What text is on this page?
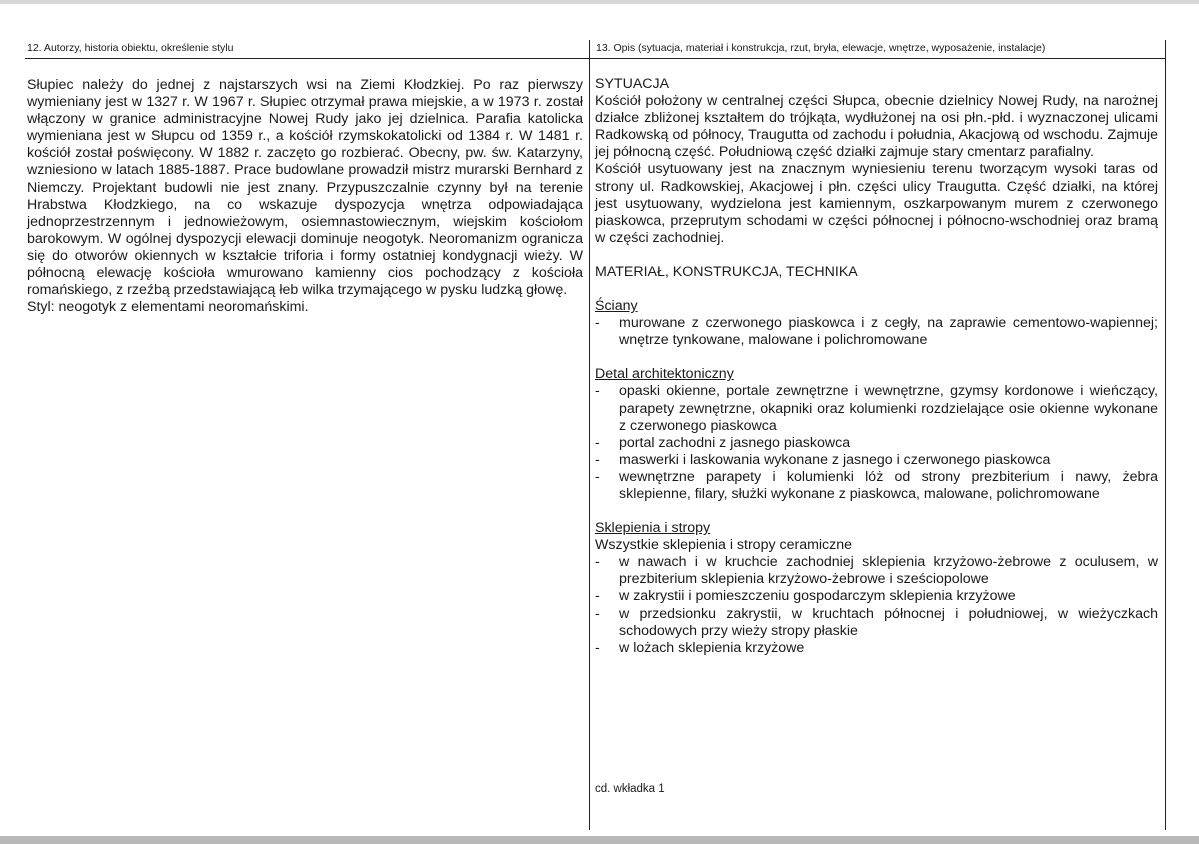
12. Autorzy, historia obiektu, określenie stylu	13. Opis (sytuacja, materiał i konstrukcja, rzut, bryła, elewacje, wnętrze, wyposażenie, instalacje)

Słupiec należy do jednej z najstarszych wsi na Ziemi Kłodzkiej. Po raz pierwszy wymieniany jest w 1327 r. W 1967 r. Słupiec otrzymał prawa miejskie, a w 1973 r. został włączony w granice administracyjne Nowej Rudy jako jej dzielnica. Parafia katolicka wymieniana jest w Słupcu od 1359 r., a kościół rzymskokatolicki od 1384 r. W 1481 r. kościół został poświęcony. W 1882 r. zaczęto go rozbierać. Obecny, pw. św. Katarzyny, wzniesiono w latach 1885-1887. Prace budowlane prowadził mistrz murarski Bernhard z Niemczy. Projektant budowli nie jest znany. Przypuszczalnie czynny był na terenie Hrabstwa Kłodzkiego, na co wskazuje dyspozycja wnętrza odpowiadająca jednoprzestrzennym i jednowieżowym, osiemnastowiecznym, wiejskim kościołom barokowym. W ogólnej dyspozycji elewacji dominuje neogotyk. Neoromanizm ogranicza się do otworów okiennych w kształcie triforia i formy ostatniej kondygnacji wieży. W północną elewację kościoła wmurowano kamienny cios pochodzący z kościoła romańskiego, z rzeźbą przedstawiającą łeb wilka trzymającego w pysku ludzką głowę.

Styl: neogotyk z elementami neoromańskimi.

SYTUACJA

Kościół położony w centralnej części Słupca, obecnie dzielnicy Nowej Rudy, na narożnej działce zbliżonej kształtem do trójkąta, wydłużonej na osi płn.-płd. i wyznaczonej ulicami Radkowską od północy, Traugutta od zachodu i południa, Akacjową od wschodu. Zajmuje jej północną część. Południową część działki zajmuje stary cmentarz parafialny.

Kościół usytuowany jest na znacznym wyniesieniu terenu tworzącym wysoki taras od strony ul. Radkowskiej, Akacjowej i płn. części ulicy Traugutta. Część działki, na której jest usytuowany, wydzielona jest kamiennym, oszkarpowanym murem z czerwonego piaskowca, przeprutym schodami w części północnej i północno-wschodniej oraz bramą w części zachodniej.

MATERIAŁ, KONSTRUKCJA, TECHNIKA
Ściany
- murowane z czerwonego piaskowca i z cegły, na zaprawie cementowo-wapiennej; wnętrze tynkowane, malowane i polichromowane
Detal architektoniczny
- opaski okienne, portale zewnętrzne i wewnętrzne, gzymsy kordonowe i wieńczący, parapety zewnętrzne, okapniki oraz kolumienki rozdzielające osie okienne wykonane z czerwonego piaskowca
- portal zachodni z jasnego piaskowca
- maswerki i laskowania wykonane z jasnego i czerwonego piaskowca
- wewnętrzne parapety i kolumienki lóż od strony prezbiterium i nawy, żebra sklepienne, filary, służki wykonane z piaskowca, malowane, polichromowane
Sklepienia i stropy
Wszystkie sklepienia i stropy ceramiczne
- w nawach i w kruchcie zachodniej sklepienia krzyżowo-żebrowe z oculusem, w prezbiterium sklepienia krzyżowo-żebrowe i sześciopolowe
- w zakrystii i pomieszczeniu gospodarczym sklepienia krzyżowe
- w przedsionku zakrystii, w kruchtach północnej i południowej, w wieżyczkach schodowych przy wieży stropy płaskie
- w lożach sklepienia krzyżowe
cd. wkładka 1
